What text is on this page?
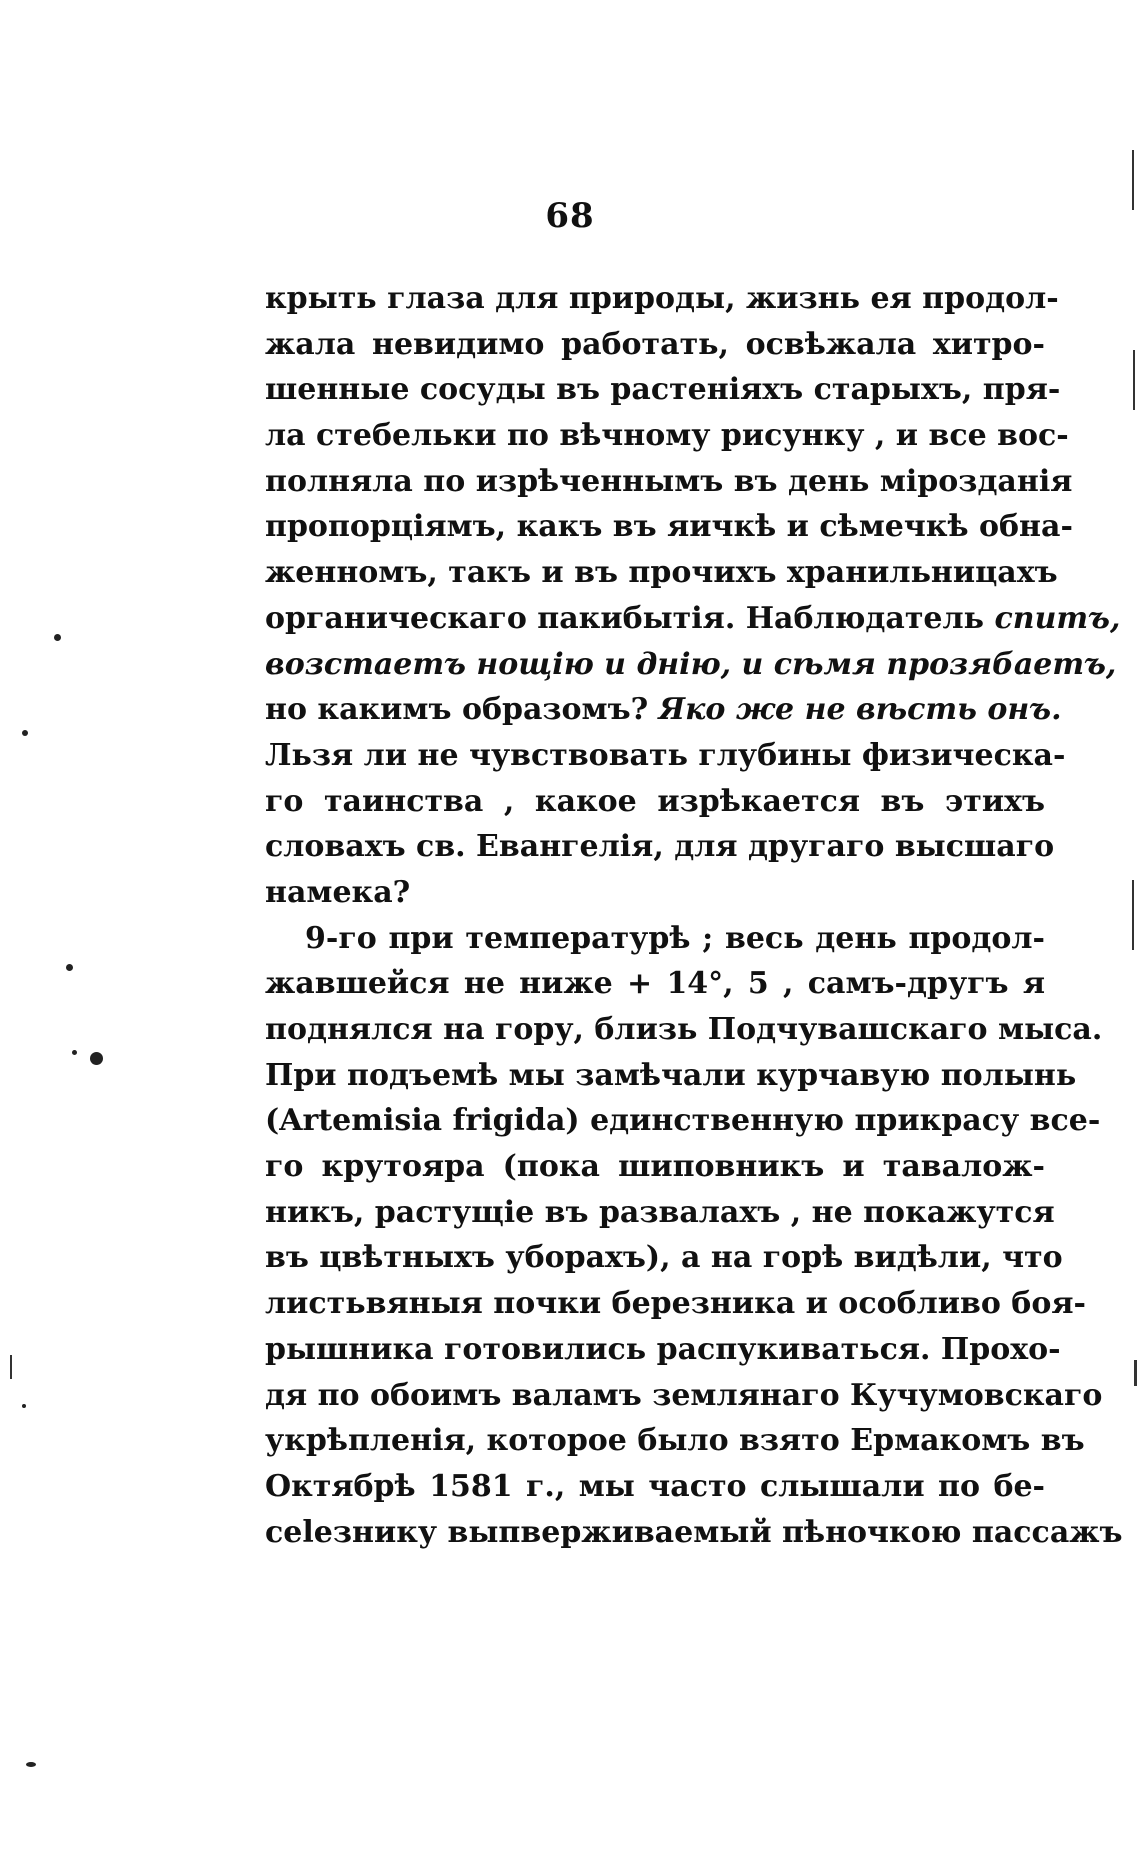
68
крыть глаза для природы, жизнь ея продол-
жала невидимо работать, освѣжала хитро-
шенные сосуды въ растеніяхъ старыхъ, пря-
ла стебельки по вѣчному рисунку , и все вос-
полняла по изрѣченнымъ въ день мірозданія
пропорціямъ, какъ въ яичкѣ и сѣмечкѣ обна-
женномъ, такъ и въ прочихъ хранильницахъ
органическаго пакибытія. Наблюдатель спитъ,
возстаетъ нощію и днію, и сѣмя прозябаетъ,
но какимъ образомъ? Яко же не вѣсть онъ.
Льзя ли не чувствовать глубины физическа-
го таинства , какое изрѣкается въ этихъ
словахъ св. Евангелія, для другаго высшаго
намека?
9-го при температурѣ ; весь день продол-
жавшейся не ниже + 14°, 5 , самъ-другъ я
поднялся на гору, близь Подчувашскаго мыса.
При подъемѣ мы замѣчали курчавую полынь
(Artemisia frigida) единственную прикрасу все-
го крутояра (пока шиповникъ и тавалож-
никъ, растущіе въ развалахъ , не покажутся
въ цвѣтныхъ уборахъ), а на горѣ видѣли, что
листьвяныя почки березника и особливо боя-
рышника готовились распукиваться. Прохо-
дя по обоимъ валамъ землянаго Кучумовскаго
укрѣпленія, которое было взято Ермакомъ въ
Октябрѣ 1581 г., мы часто слышали по бе-
celeзнику выпвеpживаемый пѣночкою пассажъ
